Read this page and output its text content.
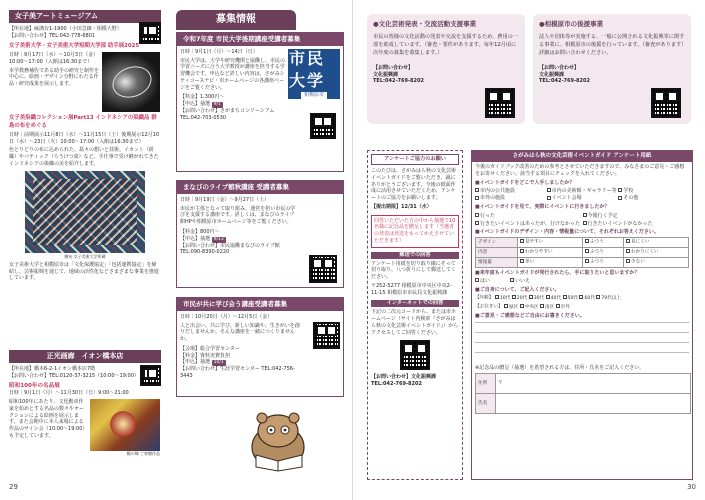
女子美アートミュージアム
【所在地】麻溝台1-1900（小田急線・相模大野）
【お問い合わせ】TEL:042-778-6801
女子美術大学・女子美術大学短期大学部 助手展2025
日時｜9月17日（水）〜10月3日（金）10:00〜17:00（入館は16:30まで）
本学教務補佐である助手の研究と制作を中心に、絵画・デザイン分野にわたる作品・研究成果を展示します。
女子美染織コレクション展Part13 インドネシアの染織品 群島の布をめぐる
日時｜前期展示11月8日（水）〜11月15日（土）後期展示12月10日（水）〜23日（火）10:00〜17:00（入館は16:30まで）
色とりどりの布に込められた、島々の想いと技術。イカット（絣織）やバティック（ろうけつ染）など、手仕事で受け継がれてきたインドネシアの染織の美を紹介します。
腰布 女子美術大学所蔵
女子美術大学と相模原市は「文化保護協定」「包括連携協定」を締結し、芸術振興を通じて、地域の活性化などさまざまな事業を推進しています。
正光画廊　イオン橋本店
【所在地】橋本6-2-1イオン橋本店7階
【お問い合わせ】TEL:0120-37-3215（10:00〜19:00）
昭和100年の名品展
日時｜9月1日（月）〜11月30日（日）9:00〜21:00
昭和100年にあたり、文化勲章作家を始めとする名品の数々やオークションによる絵画を展示します。また会期中に本人来場による作品のサイン会（10:00〜19:00）も予定しています。
鶴の舞 ご寄贈作品
募集情報
令和7年度 市民大学後期講座受講者募集
日時｜9月1日（月）〜14日（日）
市民大学は、大学や研究機関と協働し、市民の学習ニーズに合う大学教授が講座を担当する学習機会です。申込など詳しい内容は、さがみシティコースナビ・市ホームページの各講座ページをご覧ください。
【料金】1,300円〜
【申込】抽選 9/1
【お問い合わせ】さがまちコンソーシアム TEL:042-703-0530
市民大学
相模原市
まなびのライブ館秋講座 受講者募集
日時｜9月19日（金）〜9月27日（土）
市民が主体となって取り組み、運営を担い市民の学びを支援する講座です。詳しくは、まなびのライブ館HPや相模原市ホームページ等をご覧ください。
【料金】800円〜
【申込】抽選 9/13
【お問い合わせ】市民協働まなびのライブ館 TEL:090-8390-0220
市民が共に学び会う講座受講者募集
日時｜10月20日（月）〜12月5日（金）
人と出会い、共に学び、新しい知識や、生きがいを創りだしませんか。そんな講座を一緒につくりませんか。
【会場】総合学習センター
【料金】資料実費負担
【申込】抽選 10/1
【お問い合わせ】生涯学習センター TEL:042-756-3443
29
●文化芸術発表・交流活動支援事業
市民の皆様の文化活動の発表や交流を支援するため、費用の一部を助成しています。（審査・要件があります。毎年12月頃に次年度の募集を募集します。）
【お問い合わせ】
文化振興課
TEL:042-769-8202
●相模原市の後援事業
法人や団体等が実施する、一般に公開される文化振興等に関する事業に、相模原市の後援を行っています。（審査があります）詳細はお問い合わせください。
【お問い合わせ】
文化振興課
TEL:042-769-8202
アンケートご協力のお願い
このたびは、さがみはら秋の文化芸術イベントガイドをご覧いただき、誠にありがとうございます。今後の紙面作成に活用させていただくため、アンケートのご協力をお願いします。
【提出期限】12/31（水）
回答いただいた方の中から抽選で10名様に記念品を贈呈します（当選者の発表は発送をもってかえさせていただきます）
郵送での回答
アンケート用紙を切り取り線にそって切り取り、八つ折りにして郵送してください。
〒252-5277 相模原市中央区中央2-11-15 相模原市市民局文化振興課
インターネットでの回答
下記の二次元コードから、または市ホームページ（サイト内検索『さがみはら秋の文化芸術イベントガイド』）からアクセスしてご回答ください。
【お問い合わせ】文化振興課 TEL:042-769-8202
さがみはら秋の文化芸術イベントガイド アンケート用紙
今後のガイドブック改善のための参考とさせていただきますので、みなさまのご意見・ご感想をお寄せください。該当する項目にチェックを入れてください。
■イベントガイドをどこで入手しましたか？
市内の公共施設	市内の美術館・ギャラリー等	学校
市外の施設	イベント会場	その他
■イベントガイドを見て、実際にイベントに行きましたか？
行った	今後行く予定
行きたいイベントはあったが、行けなかった	行きたいイベントがなかった
■イベントガイドのデザイン・内容・情報量について、それぞれお答えください。
デザイン	見やすい	ふつう	見にくい
内容	わかりやすい	ふつう	わかりにくい
情報量	多い	ふつう	少ない
■来年度もイベントガイドが発行されたら、手に取りたいと思いますか？
はい	いいえ
■ご自身について、ご記入ください。
【年齢】 10代 20代 30代 40代 50代 60代 70代以上
【お住まい】 緑区 中央区 南区 市外
■ご意見・ご感想などご自由にお書きください。
※記念品の贈呈（抽選）を希望される方は、住所・氏名をご記入ください。
住所	〒
氏名	
30
